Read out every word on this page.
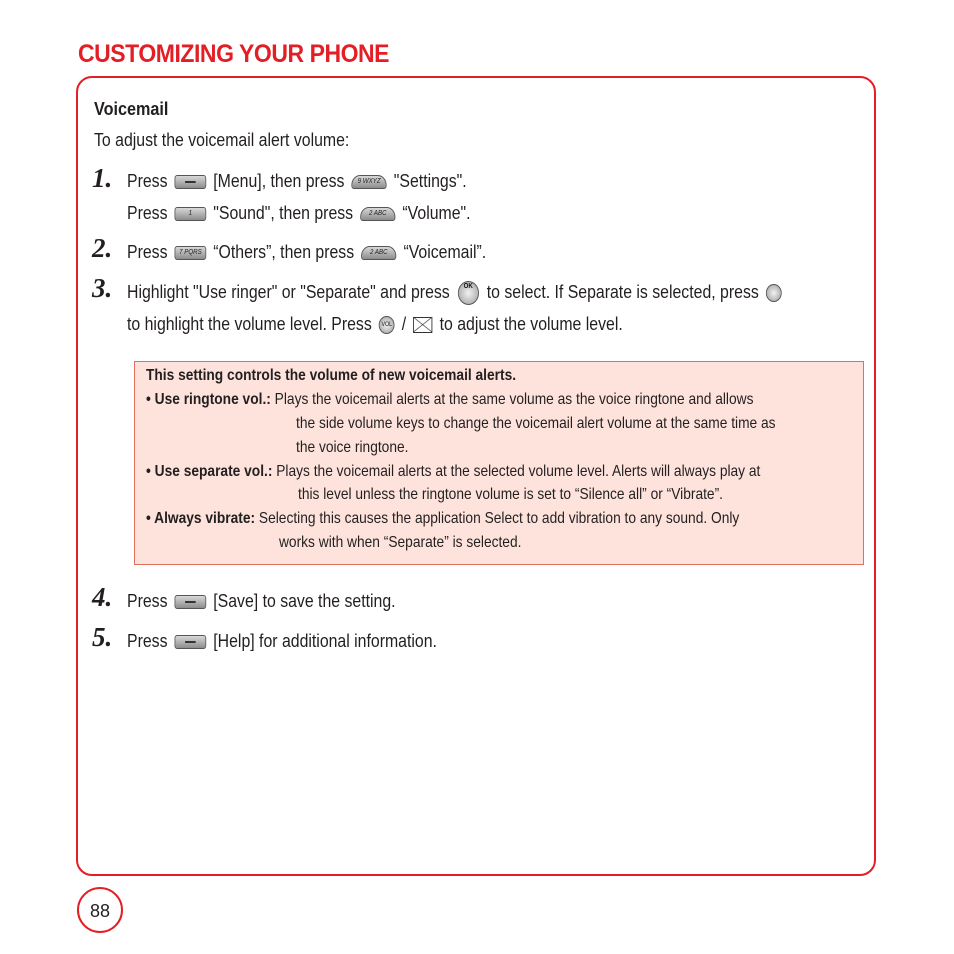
CUSTOMIZING YOUR PHONE
Voicemail
To adjust the voicemail alert volume:
1. Press	[Menu], then press 9 WXYZ "Settings".
Press	1 "Sound", then press 2 ABC “Volume".
2. Press 7 PQRS “Others”, then press 2 ABC “Voicemail”.
3. Highlight "Use ringer" or "Separate" and press OK to select. If Separate is selected, press
to highlight the volume level. Press VOL / to adjust the volume level.
This setting controls the volume of new voicemail alerts.
• Use ringtone vol.: Plays the voicemail alerts at the same volume as the voice ringtone and allows
the side volume keys to change the voicemail alert volume at the same time as
the voice ringtone.
• Use separate vol.: Plays the voicemail alerts at the selected volume level. Alerts will always play at
this level unless the ringtone volume is set to “Silence all” or “Vibrate”.
• Always vibrate: Selecting this causes the application Select to add vibration to any sound. Only
works with when “Separate” is selected.
4. Press	[Save] to save the setting.
5. Press	[Help] for additional information.
88
